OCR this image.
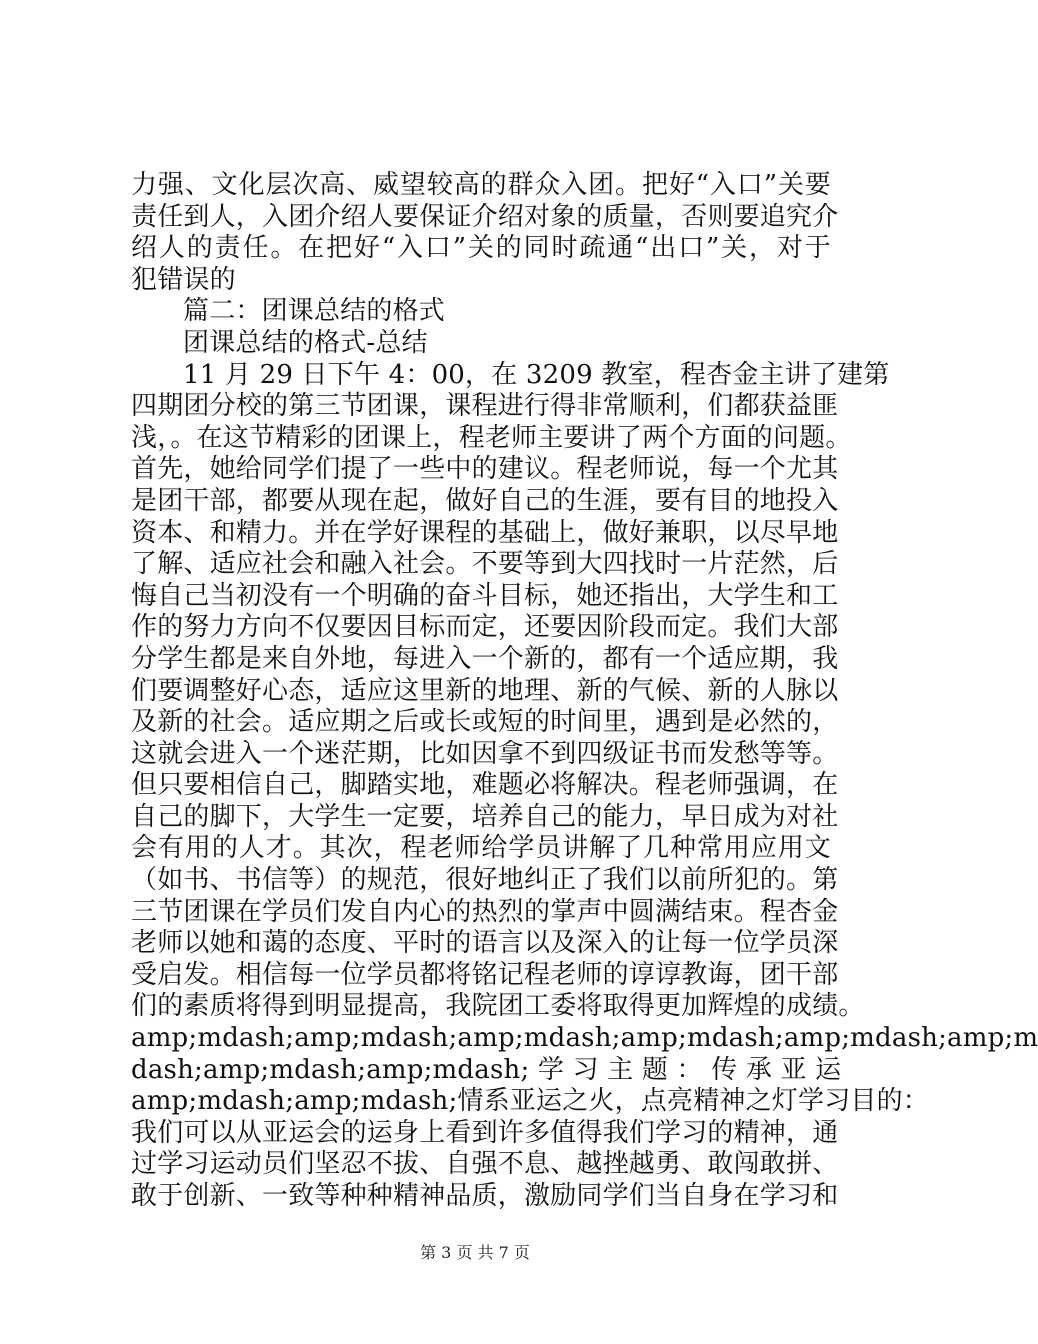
力强、文化层次高、威望较高的群众入团。把好“入口”关要
责任到人，入团介绍人要保证介绍对象的质量，否则要追究介
绍人的责任。在把好“入口”关的同时疏通“出口”关，对于
犯错误的
篇二：团课总结的格式
团课总结的格式-总结
11 月 29 日下午 4：00，在 3209 教室，程杏金主讲了建第
四期团分校的第三节团课，课程进行得非常顺利，们都获益匪
浅，。在这节精彩的团课上，程老师主要讲了两个方面的问题。
首先，她给同学们提了一些中的建议。程老师说，每一个尤其
是团干部，都要从现在起，做好自己的生涯，要有目的地投入
资本、和精力。并在学好课程的基础上，做好兼职，以尽早地
了解、适应社会和融入社会。不要等到大四找时一片茫然，后
悔自己当初没有一个明确的奋斗目标，她还指出，大学生和工
作的努力方向不仅要因目标而定，还要因阶段而定。我们大部
分学生都是来自外地，每进入一个新的，都有一个适应期，我
们要调整好心态，适应这里新的地理、新的气候、新的人脉以
及新的社会。适应期之后或长或短的时间里，遇到是必然的，
这就会进入一个迷茫期，比如因拿不到四级证书而发愁等等。
但只要相信自己，脚踏实地，难题必将解决。程老师强调，在
自己的脚下，大学生一定要，培养自己的能力，早日成为对社
会有用的人才。其次，程老师给学员讲解了几种常用应用文
（如书、书信等）的规范，很好地纠正了我们以前所犯的。第
三节团课在学员们发自内心的热烈的掌声中圆满结束。程杏金
老师以她和蔼的态度、平时的语言以及深入的让每一位学员深
受启发。相信每一位学员都将铭记程老师的谆谆教诲，团干部
们的素质将得到明显提高，我院团工委将取得更加辉煌的成绩。
amp;mdash;amp;mdash;amp;mdash;amp;mdash;amp;mdash;amp;m
dash;amp;mdash;amp;mdash; 学 习 主 题 ： 传 承 亚 运
amp;mdash;amp;mdash;情系亚运之火，点亮精神之灯学习目的：
我们可以从亚运会的运身上看到许多值得我们学习的精神，通
过学习运动员们坚忍不拔、自强不息、越挫越勇、敢闯敢拼、
敢于创新、一致等种种精神品质，激励同学们当自身在学习和
第 3 页 共 7 页
